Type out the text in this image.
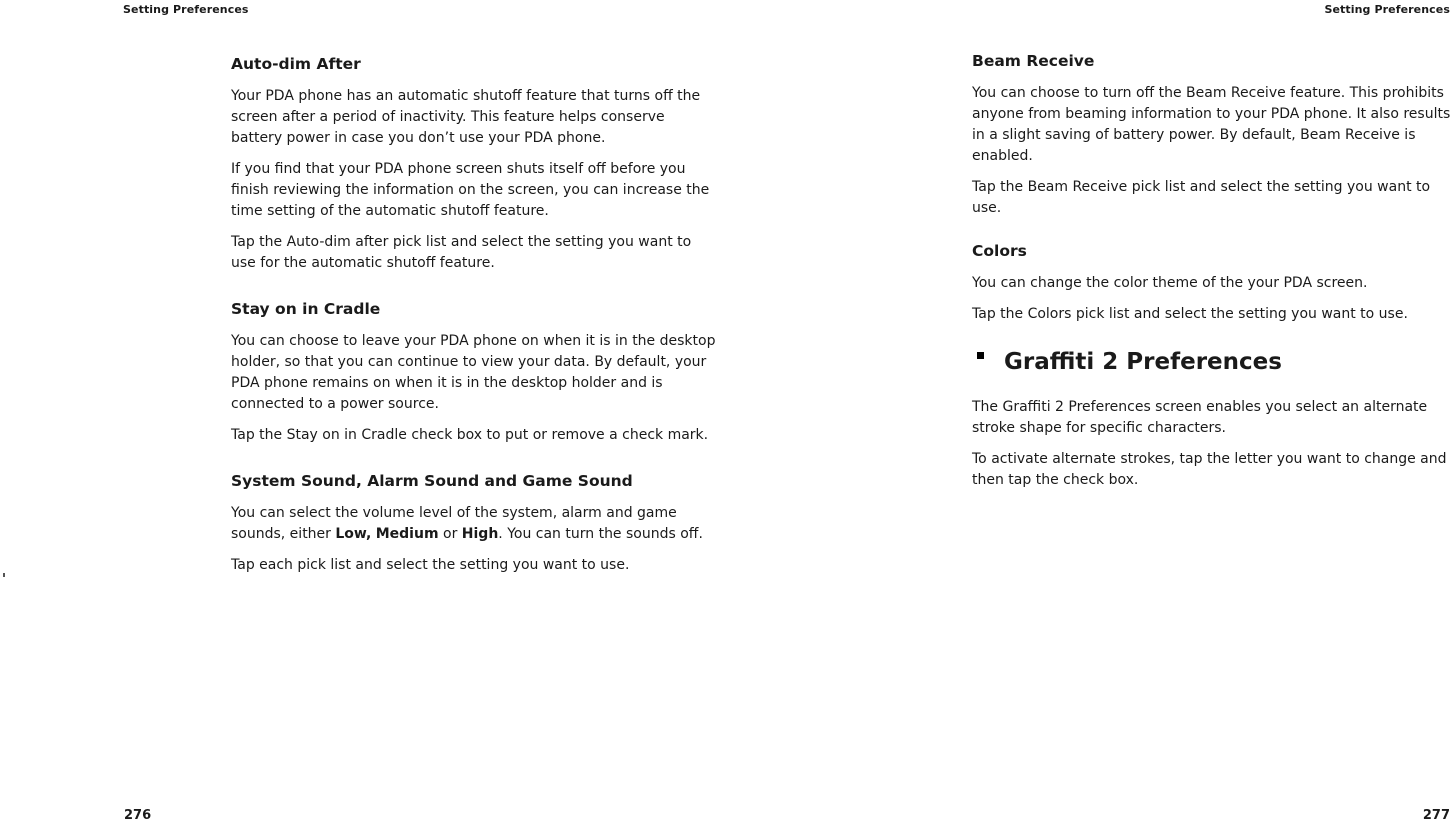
Setting Preferences
Auto-dim After

Your PDA phone has an automatic shutoff feature that turns off the screen after a period of inactivity. This feature helps conserve battery power in case you don’t use your PDA phone.

If you find that your PDA phone screen shuts itself off before you finish reviewing the information on the screen, you can increase the time setting of the automatic shutoff feature.

Tap the Auto-dim after pick list and select the setting you want to use for the automatic shutoff feature.

Stay on in Cradle

You can choose to leave your PDA phone on when it is in the desktop holder, so that you can continue to view your data. By default, your PDA phone remains on when it is in the desktop holder and is connected to a power source.

Tap the Stay on in Cradle check box to put or remove a check mark.

System Sound, Alarm Sound and Game Sound

You can select the volume level of the system, alarm and game sounds, either Low, Medium or High. You can turn the sounds off.

Tap each pick list and select the setting you want to use.

276
Setting Preferences
Beam Receive

You can choose to turn off the Beam Receive feature. This prohibits anyone from beaming information to your PDA phone. It also results in a slight saving of battery power. By default, Beam Receive is enabled.

Tap the Beam Receive pick list and select the setting you want to use.

Colors

You can change the color theme of the your PDA screen.

Tap the Colors pick list and select the setting you want to use.

Graffiti 2 Preferences

The Graffiti 2 Preferences screen enables you select an alternate stroke shape for specific characters.

To activate alternate strokes, tap the letter you want to change and then tap the check box.

277
